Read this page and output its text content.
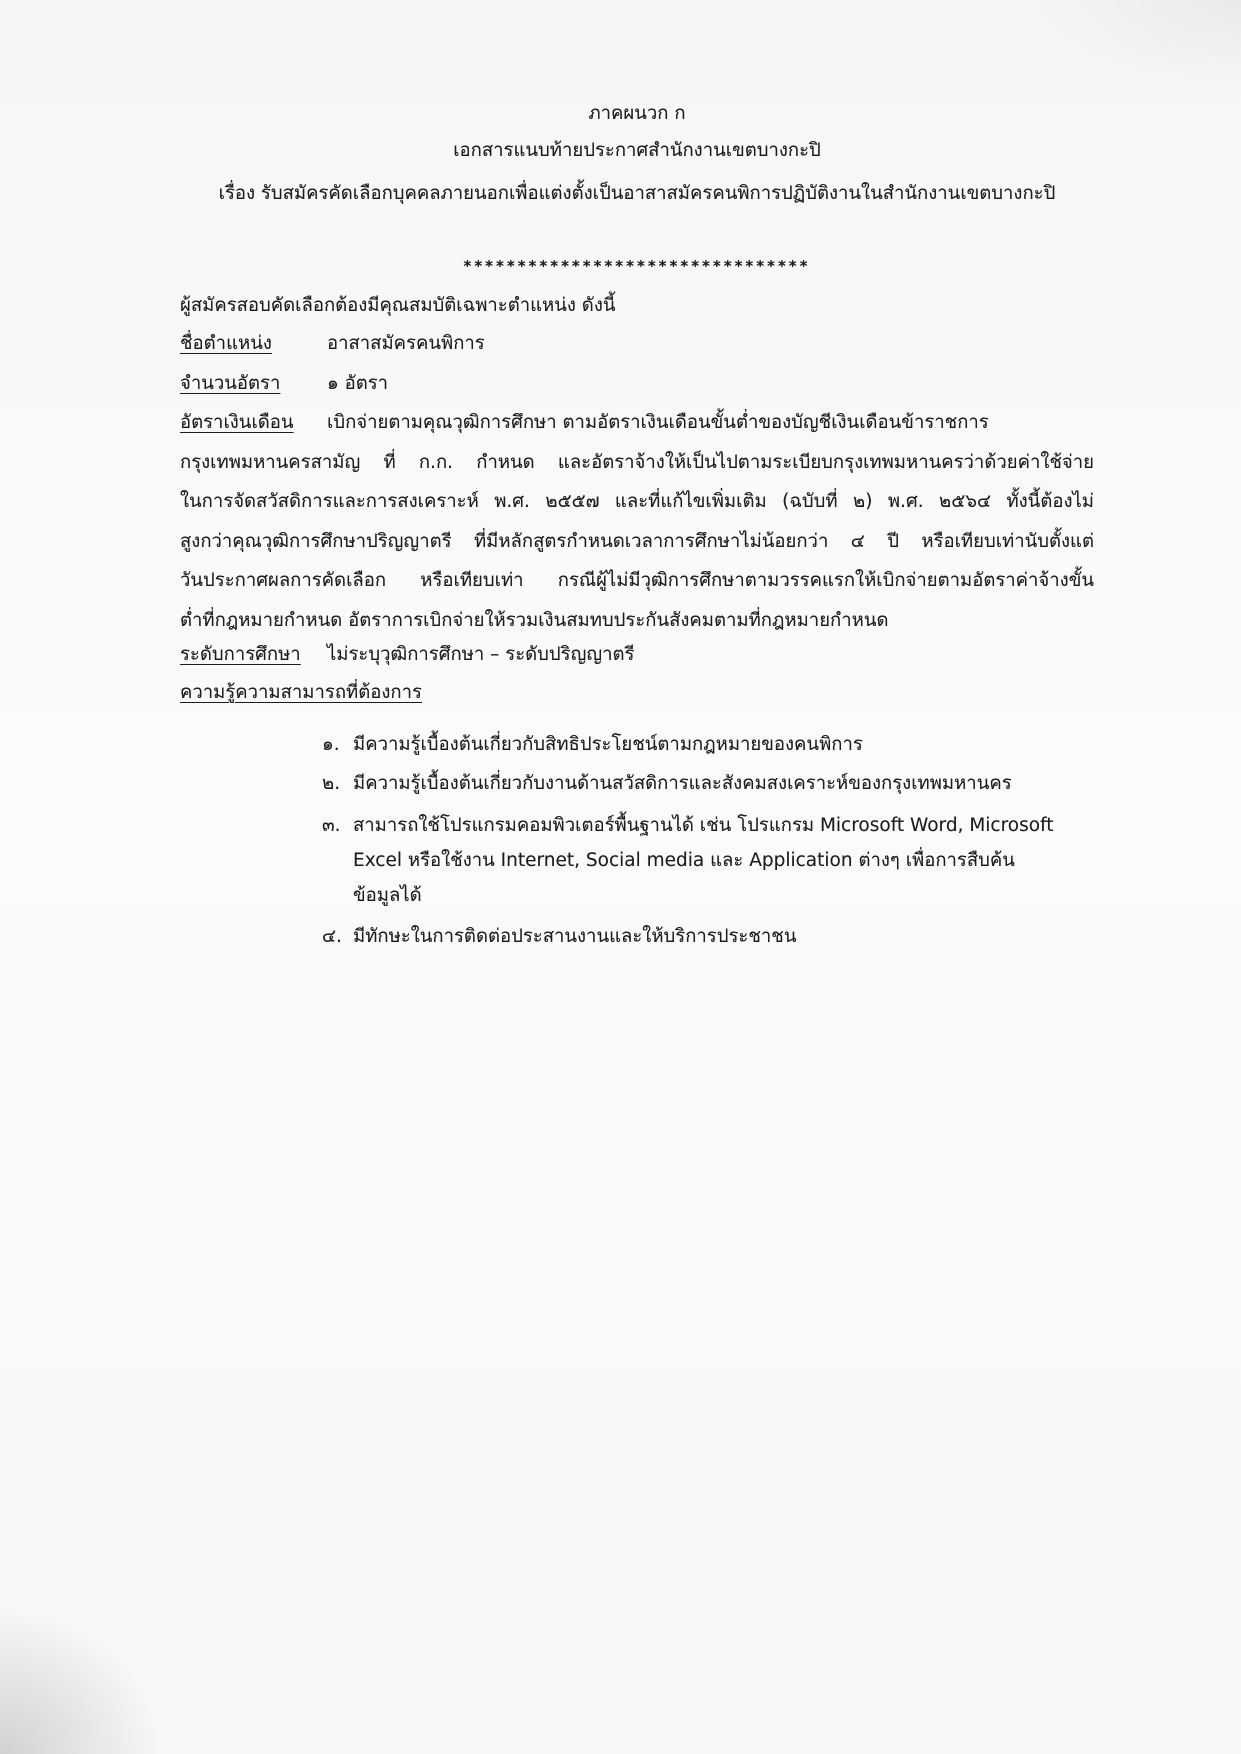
ภาคผนวก ก
เอกสารแนบท้ายประกาศสำนักงานเขตบางกะปิ
เรื่อง รับสมัครคัดเลือกบุคคลภายนอกเพื่อแต่งตั้งเป็นอาสาสมัครคนพิการปฏิบัติงานในสำนักงานเขตบางกะปิ
********************************
ผู้สมัครสอบคัดเลือกต้องมีคุณสมบัติเฉพาะตำแหน่ง ดังนี้
ชื่อตำแหน่ง	อาสาสมัครคนพิการ
จำนวนอัตรา	๑ อัตรา
อัตราเงินเดือน	เบิกจ่ายตามคุณวุฒิการศึกษา ตามอัตราเงินเดือนขั้นต่ำของบัญชีเงินเดือนข้าราชการ
กรุงเทพมหานครสามัญ ที่ ก.ก. กำหนด และอัตราจ้างให้เป็นไปตามระเบียบกรุงเทพมหานครว่าด้วยค่าใช้จ่าย
ในการจัดสวัสดิการและการสงเคราะห์ พ.ศ. ๒๕๕๗ และที่แก้ไขเพิ่มเติม (ฉบับที่ ๒) พ.ศ. ๒๕๖๔ ทั้งนี้ต้องไม่
สูงกว่าคุณวุฒิการศึกษาปริญญาตรี ที่มีหลักสูตรกำหนดเวลาการศึกษาไม่น้อยกว่า ๔ ปี หรือเทียบเท่านับตั้งแต่
วันประกาศผลการคัดเลือก หรือเทียบเท่า กรณีผู้ไม่มีวุฒิการศึกษาตามวรรคแรกให้เบิกจ่ายตามอัตราค่าจ้างขั้น
ต่ำที่กฎหมายกำหนด อัตราการเบิกจ่ายให้รวมเงินสมทบประกันสังคมตามที่กฎหมายกำหนด
ระดับการศึกษา	ไม่ระบุวุฒิการศึกษา – ระดับปริญญาตรี
ความรู้ความสามารถที่ต้องการ
๑. มีความรู้เบื้องต้นเกี่ยวกับสิทธิประโยชน์ตามกฎหมายของคนพิการ
๒. มีความรู้เบื้องต้นเกี่ยวกับงานด้านสวัสดิการและสังคมสงเคราะห์ของกรุงเทพมหานคร
๓. สามารถใช้โปรแกรมคอมพิวเตอร์พื้นฐานได้ เช่น โปรแกรม Microsoft Word, Microsoft
Excel หรือใช้งาน Internet, Social media และ Application ต่างๆ เพื่อการสืบค้น
ข้อมูลได้
๔. มีทักษะในการติดต่อประสานงานและให้บริการประชาชน
